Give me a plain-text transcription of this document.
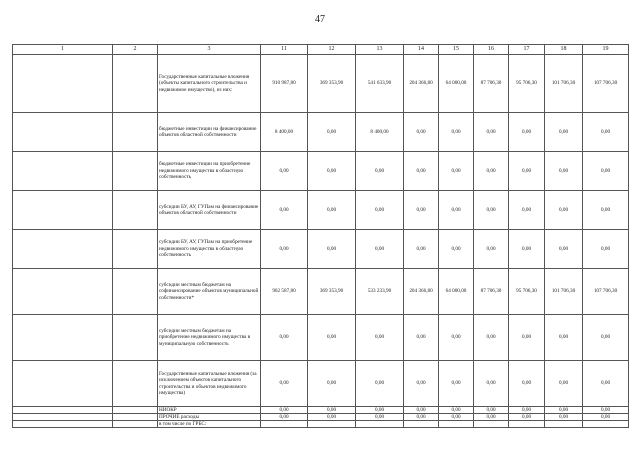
47
1	2	3	11	12	13	14	15	16	17	18	19
		Государственные капитальные вложения (объекты капитального строительства и недвижимое имущество), из них:	910 987,80	369 353,90	541 633,90	204 366,80	64 000,00	87 706,30	95 706,30	101 706,30	107 706,30
		бюджетные инвестиции на финансирование объектов областной собственности	8 400,00	0,00	8 400,00	0,00	0,00	0,00	0,00	0,00	0,00
		бюджетные инвестиции на приобретение недвижимого имущества в областную собственность	0,00	0,00	0,00	0,00	0,00	0,00	0,00	0,00	0,00
		субсидии БУ, АУ, ГУПам на финансирование объектов областной собственности	0,00	0,00	0,00	0,00	0,00	0,00	0,00	0,00	0,00
		субсидии БУ, АУ, ГУПам на приобретение недвижимого имущества в областную собственность	0,00	0,00	0,00	0,00	0,00	0,00	0,00	0,00	0,00
		субсидии местным бюджетам на софинансирование объектов муниципальной собственности*	902 587,80	369 353,90	533 233,90	204 366,80	64 000,00	87 706,30	95 706,30	101 706,30	107 706,30
		субсидии местным бюджетам на приобретение недвижимого имущества в муниципальную собственность	0,00	0,00	0,00	0,00	0,00	0,00	0,00	0,00	0,00
		Государственные капитальные вложения (за исключением объектов капитального строительства и объектов недвижимого имущества)	0,00	0,00	0,00	0,00	0,00	0,00	0,00	0,00	0,00
		НИОКР	0,00	0,00	0,00	0,00	0,00	0,00	0,00	0,00	0,00
		ПРОЧИЕ расходы	0,00	0,00	0,00	0,00	0,00	0,00	0,00	0,00	0,00
		в том числе по ГРБС:									
